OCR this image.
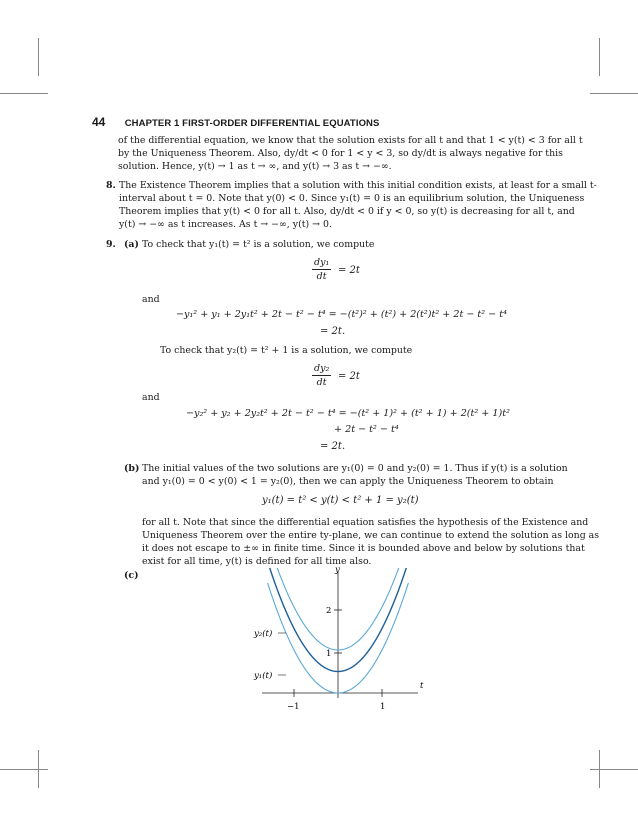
44 CHAPTER 1 FIRST-ORDER DIFFERENTIAL EQUATIONS
of the differential equation, we know that the solution exists for all t and that 1 < y(t) < 3 for all t
by the Uniqueness Theorem. Also, dy/dt < 0 for 1 < y < 3, so dy/dt is always negative for this
solution. Hence, y(t) → 1 as t → ∞, and y(t) → 3 as t → −∞.
8. The Existence Theorem implies that a solution with this initial condition exists, at least for a small t-
interval about t = 0. Note that y(0) < 0. Since y₁(t) = 0 is an equilibrium solution, the Uniqueness
Theorem implies that y(t) < 0 for all t. Also, dy/dt < 0 if y < 0, so y(t) is decreasing for all t, and
y(t) → −∞ as t increases. As t → −∞, y(t) → 0.
9. (a) To check that y₁(t) = t² is a solution, we compute
$\frac{\text{dy₁}}{dt} = 2t$
and
−y₁² + y₁ + 2y₁t² + 2t − t² − t⁴ = −(t²)² + (t²) + 2(t²)t² + 2t − t² − t⁴
= 2t.
To check that y₂(t) = t² + 1 is a solution, we compute
$\frac{\text{dy₂}}{dt} = 2t$
and
−y₂² + y₂ + 2y₂t² + 2t − t² − t⁴ = −(t² + 1)² + (t² + 1) + 2(t² + 1)t²
+ 2t − t² − t⁴
= 2t.
(b) The initial values of the two solutions are y₁(0) = 0 and y₂(0) = 1. Thus if y(t) is a solution
and y₁(0) = 0 < y(0) < 1 = y₂(0), then we can apply the Uniqueness Theorem to obtain
y₁(t) = t² < y(t) < t² + 1 = y₂(t)
for all t. Note that since the differential equation satisfies the hypothesis of the Existence and
Uniqueness Theorem over the entire ty-plane, we can continue to extend the solution as long as
it does not escape to ±∞ in finite time. Since it is bounded above and below by solutions that
exist for all time, y(t) is defined for all time also.
(c)	y
t
−1	1
2
1
y₂(t)
y₁(t)
